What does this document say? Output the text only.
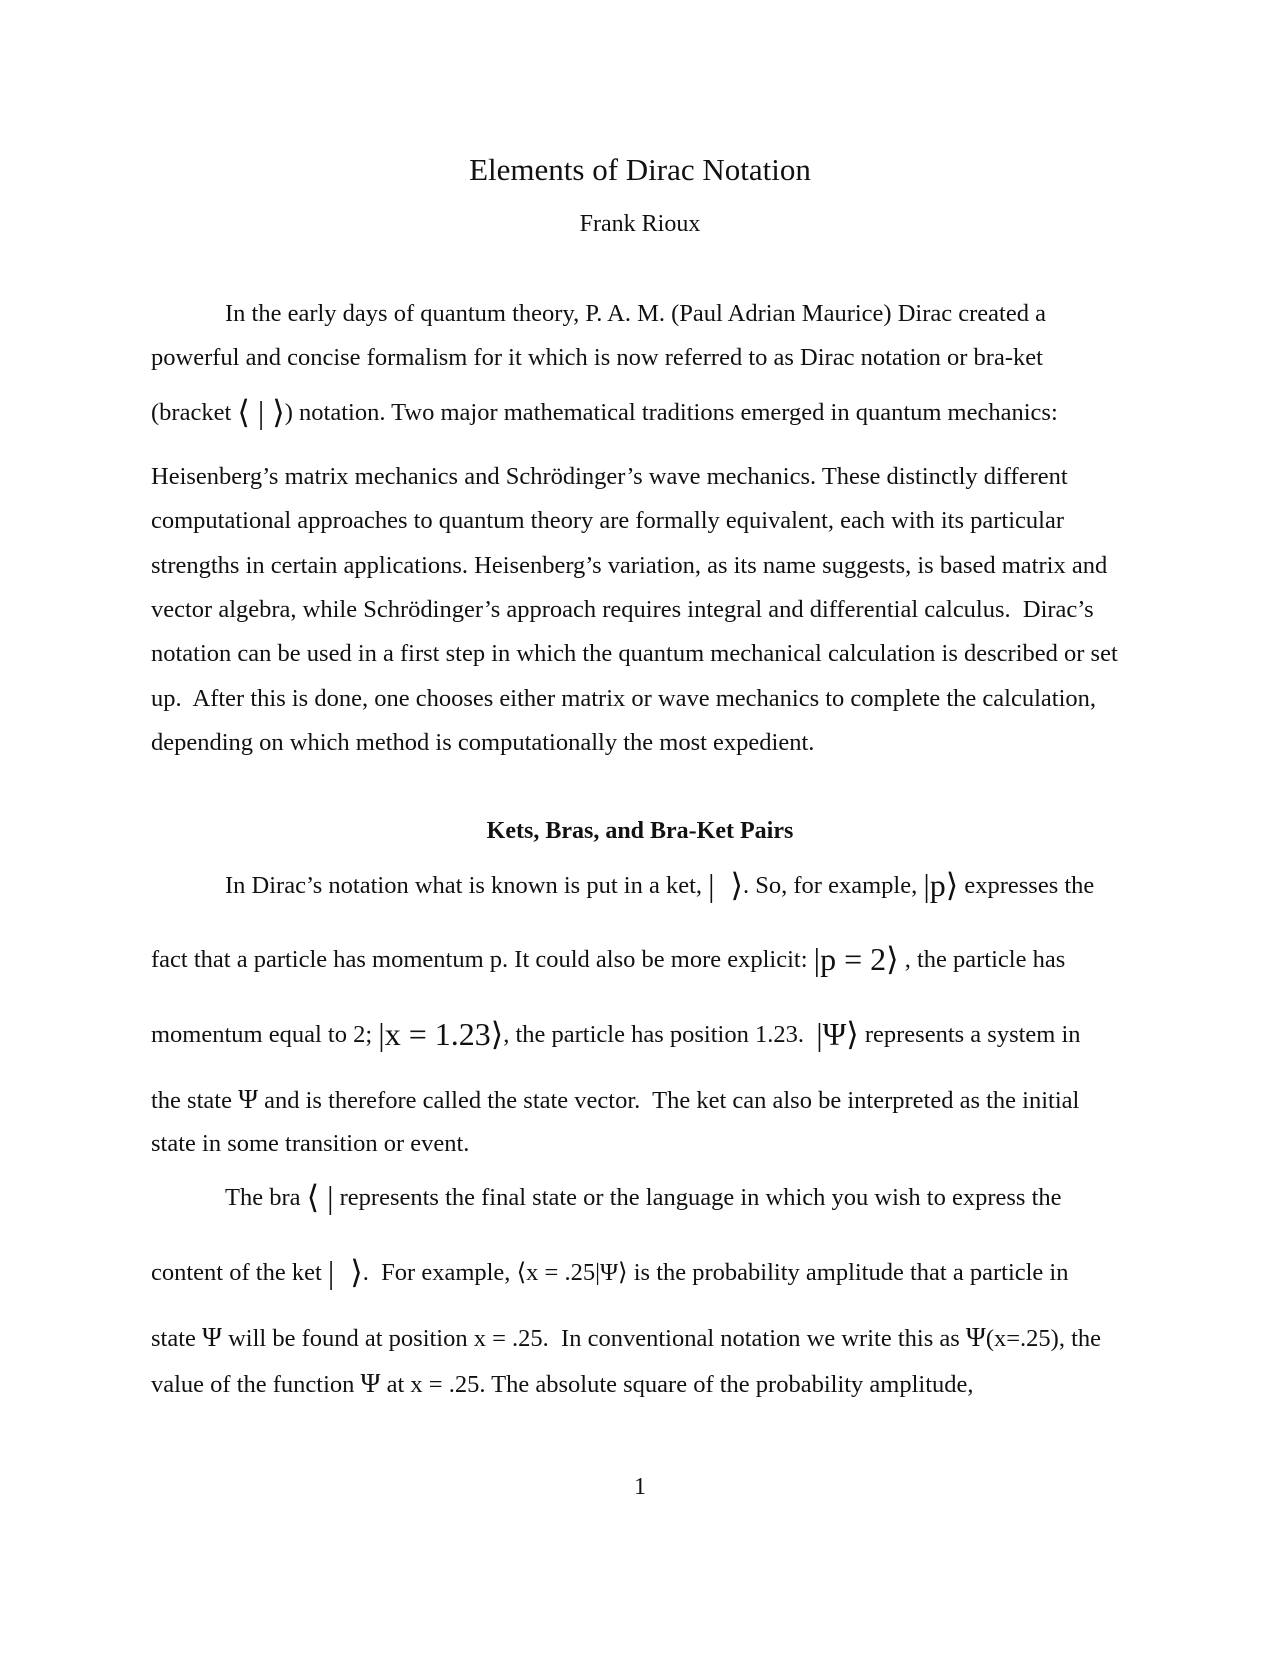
Elements of Dirac Notation
Frank Rioux
In the early days of quantum theory, P. A. M. (Paul Adrian Maurice) Dirac created a
powerful and concise formalism for it which is now referred to as Dirac notation or bra-ket
(bracket ⟨ | ⟩) notation. Two major mathematical traditions emerged in quantum mechanics:
Heisenberg’s matrix mechanics and Schrödinger’s wave mechanics. These distinctly different
computational approaches to quantum theory are formally equivalent, each with its particular
strengths in certain applications. Heisenberg’s variation, as its name suggests, is based matrix and
vector algebra, while Schrödinger’s approach requires integral and differential calculus.  Dirac’s
notation can be used in a first step in which the quantum mechanical calculation is described or set
up.  After this is done, one chooses either matrix or wave mechanics to complete the calculation,
depending on which method is computationally the most expedient.
Kets, Bras, and Bra-Ket Pairs
In Dirac’s notation what is known is put in a ket, |  ⟩. So, for example, |p⟩ expresses the
fact that a particle has momentum p. It could also be more explicit: |p = 2⟩ , the particle has
momentum equal to 2; |x = 1.23⟩, the particle has position 1.23.  |Ψ⟩ represents a system in
the state Ψ and is therefore called the state vector.  The ket can also be interpreted as the initial
state in some transition or event.
The bra ⟨ | represents the final state or the language in which you wish to express the
content of the ket |  ⟩.  For example, ⟨x = .25|Ψ⟩ is the probability amplitude that a particle in
state Ψ will be found at position x = .25.  In conventional notation we write this as Ψ(x=.25), the
value of the function Ψ at x = .25. The absolute square of the probability amplitude,
1
